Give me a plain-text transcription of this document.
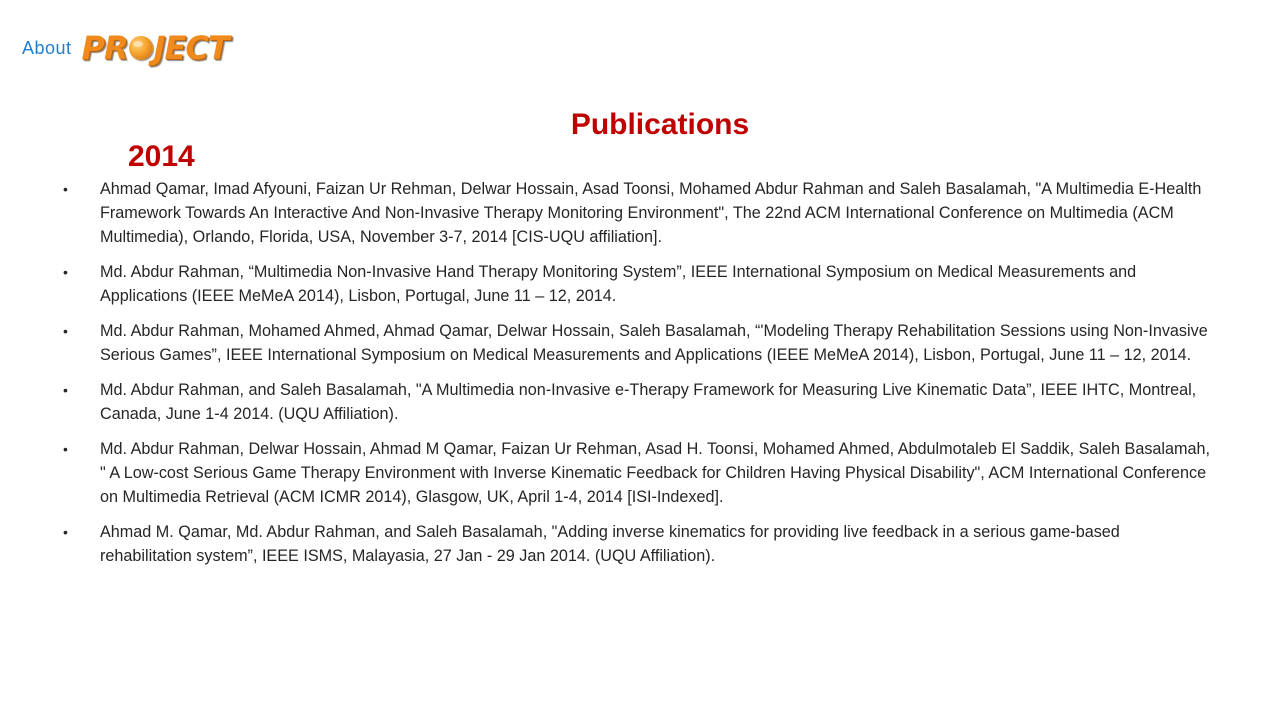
About PR JECT
Publications
2014
• Ahmad Qamar, Imad Afyouni, Faizan Ur Rehman, Delwar Hossain, Asad Toonsi, Mohamed Abdur Rahman and Saleh Basalamah, "A Multimedia E-Health Framework Towards An Interactive And Non-Invasive Therapy Monitoring Environment", The 22nd ACM International Conference on Multimedia (ACM Multimedia), Orlando, Florida, USA, November 3-7, 2014 [CIS-UQU affiliation].
• Md. Abdur Rahman, “Multimedia Non-Invasive Hand Therapy Monitoring System”, IEEE International Symposium on Medical Measurements and Applications (IEEE MeMeA 2014), Lisbon, Portugal, June 11 – 12, 2014.
• Md. Abdur Rahman, Mohamed Ahmed, Ahmad Qamar, Delwar Hossain, Saleh Basalamah, “'Modeling Therapy Rehabilitation Sessions using Non-Invasive Serious Games”, IEEE International Symposium on Medical Measurements and Applications (IEEE MeMeA 2014), Lisbon, Portugal, June 11 – 12, 2014.
• Md. Abdur Rahman, and Saleh Basalamah, "A Multimedia non-Invasive e-Therapy Framework for Measuring Live Kinematic Data”, IEEE IHTC, Montreal, Canada, June 1-4 2014. (UQU Affiliation).
• Md. Abdur Rahman, Delwar Hossain, Ahmad M Qamar, Faizan Ur Rehman, Asad H. Toonsi, Mohamed Ahmed, Abdulmotaleb El Saddik, Saleh Basalamah, " A Low-cost Serious Game Therapy Environment with Inverse Kinematic Feedback for Children Having Physical Disability", ACM International Conference on Multimedia Retrieval (ACM ICMR 2014), Glasgow, UK, April 1-4, 2014 [ISI-Indexed].
• Ahmad M. Qamar, Md. Abdur Rahman, and Saleh Basalamah, "Adding inverse kinematics for providing live feedback in a serious game-based rehabilitation system”, IEEE ISMS, Malayasia, 27 Jan - 29 Jan 2014. (UQU Affiliation).
